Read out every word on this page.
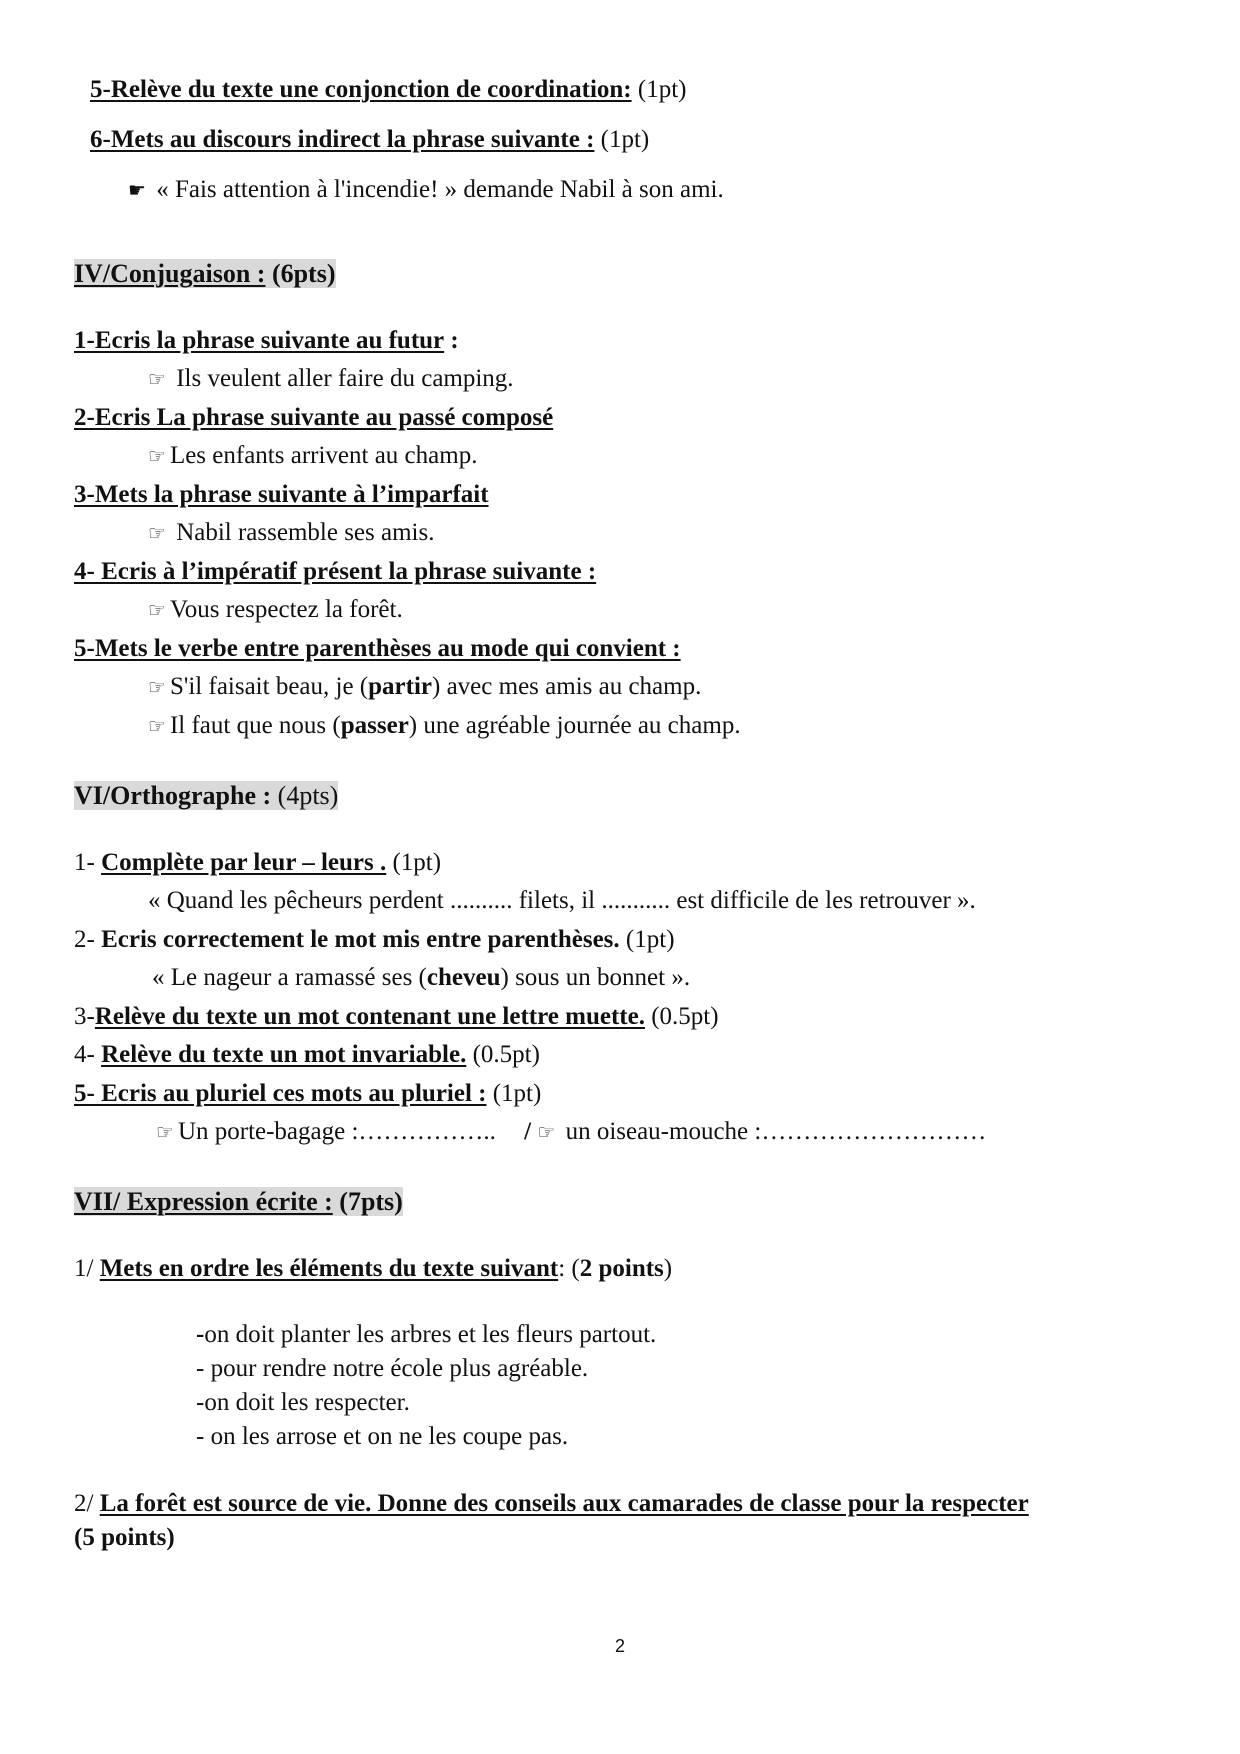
5-Relève du texte une conjonction de coordination: (1pt)
6-Mets au discours indirect la phrase suivante : (1pt)
☛ « Fais attention à l'incendie! » demande Nabil à son ami.
IV/Conjugaison : (6pts)
1-Ecris la phrase suivante au futur :
☞ Ils veulent aller faire du camping.
2-Ecris La phrase suivante au passé composé
☞ Les enfants arrivent au champ.
3-Mets la phrase suivante à l’imparfait
☞ Nabil rassemble ses amis.
4- Ecris à l’impératif présent la phrase suivante :
☞ Vous respectez la forêt.
5-Mets le verbe entre parenthèses au mode qui convient :
☞ S'il faisait beau, je (partir) avec mes amis au champ.
☞ Il faut que nous (passer) une agréable journée au champ.
VI/Orthographe : (4pts)
1- Complète par leur – leurs . (1pt)
« Quand les pêcheurs perdent .......... filets, il ........... est difficile de les retrouver ».
2- Ecris correctement le mot mis entre parenthèses. (1pt)
« Le nageur a ramassé ses (cheveu) sous un bonnet ».
3-Relève du texte un mot contenant une lettre muette. (0.5pt)
4- Relève du texte un mot invariable. (0.5pt)
5- Ecris au pluriel ces mots au pluriel : (1pt)
☞ Un porte-bagage :…………….. / ☞ un oiseau-mouche :………………………
VII/ Expression écrite : (7pts)
1/ Mets en ordre les éléments du texte suivant: (2 points)
-on doit planter les arbres et les fleurs partout.
- pour rendre notre école plus agréable.
-on doit les respecter.
- on les arrose et on ne les coupe pas.
2/ La forêt est source de vie. Donne des conseils aux camarades de classe pour la respecter
(5 points)
2
